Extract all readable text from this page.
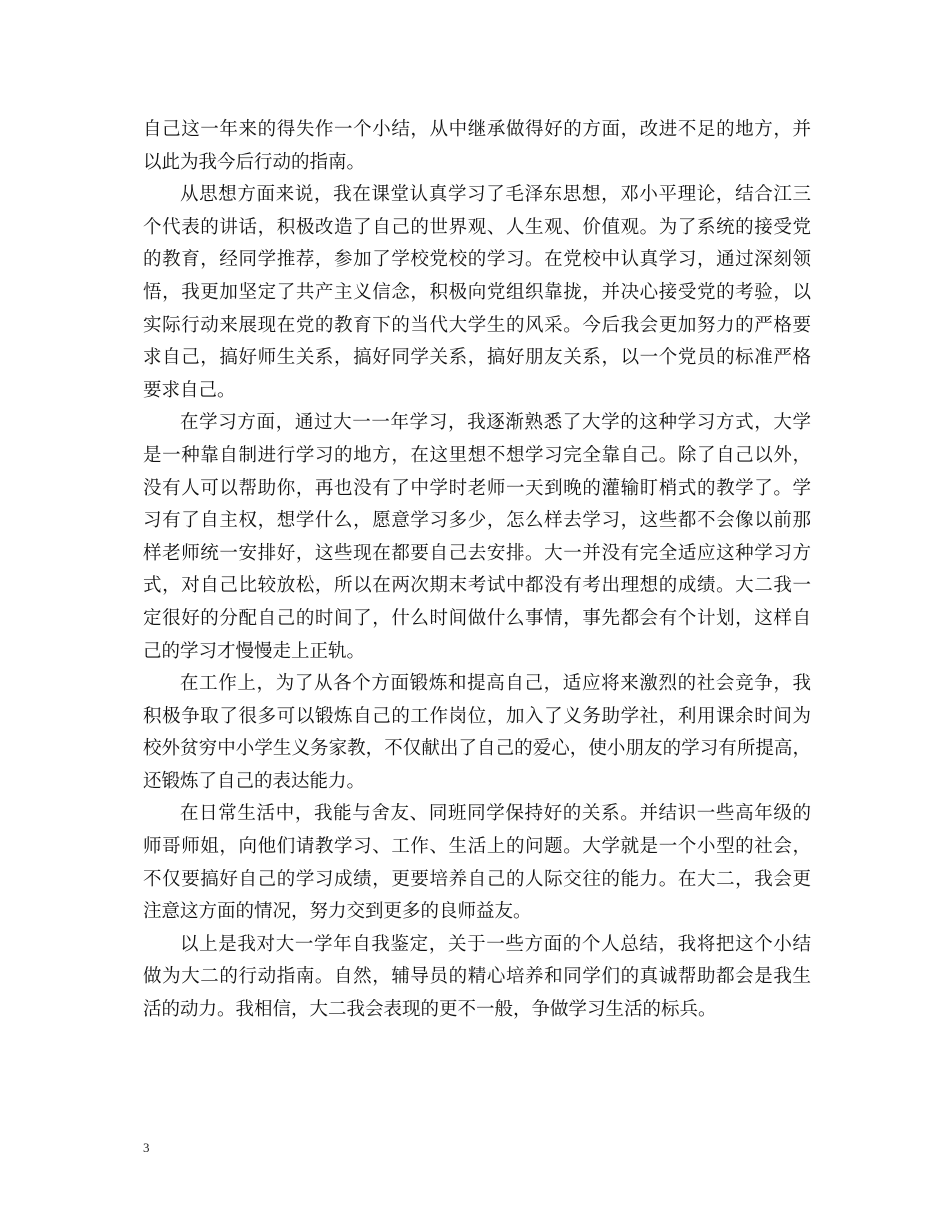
自己这一年来的得失作一个小结，从中继承做得好的方面，改进不足的地方，并
以此为我今后行动的指南。
从思想方面来说，我在课堂认真学习了毛泽东思想，邓小平理论，结合江三
个代表的讲话，积极改造了自己的世界观、人生观、价值观。为了系统的接受党
的教育，经同学推荐，参加了学校党校的学习。在党校中认真学习，通过深刻领
悟，我更加坚定了共产主义信念，积极向党组织靠拢，并决心接受党的考验，以
实际行动来展现在党的教育下的当代大学生的风采。今后我会更加努力的严格要
求自己，搞好师生关系，搞好同学关系，搞好朋友关系，以一个党员的标准严格
要求自己。
在学习方面，通过大一一年学习，我逐渐熟悉了大学的这种学习方式，大学
是一种靠自制进行学习的地方，在这里想不想学习完全靠自己。除了自己以外，
没有人可以帮助你，再也没有了中学时老师一天到晚的灌输盯梢式的教学了。学
习有了自主权，想学什么，愿意学习多少，怎么样去学习，这些都不会像以前那
样老师统一安排好，这些现在都要自己去安排。大一并没有完全适应这种学习方
式，对自己比较放松，所以在两次期末考试中都没有考出理想的成绩。大二我一
定很好的分配自己的时间了，什么时间做什么事情，事先都会有个计划，这样自
己的学习才慢慢走上正轨。
在工作上，为了从各个方面锻炼和提高自己，适应将来激烈的社会竞争，我
积极争取了很多可以锻炼自己的工作岗位，加入了义务助学社，利用课余时间为
校外贫穷中小学生义务家教，不仅献出了自己的爱心，使小朋友的学习有所提高，
还锻炼了自己的表达能力。
在日常生活中，我能与舍友、同班同学保持好的关系。并结识一些高年级的
师哥师姐，向他们请教学习、工作、生活上的问题。大学就是一个小型的社会，
不仅要搞好自己的学习成绩，更要培养自己的人际交往的能力。在大二，我会更
注意这方面的情况，努力交到更多的良师益友。
以上是我对大一学年自我鉴定，关于一些方面的个人总结，我将把这个小结
做为大二的行动指南。自然，辅导员的精心培养和同学们的真诚帮助都会是我生
活的动力。我相信，大二我会表现的更不一般，争做学习生活的标兵。
3
